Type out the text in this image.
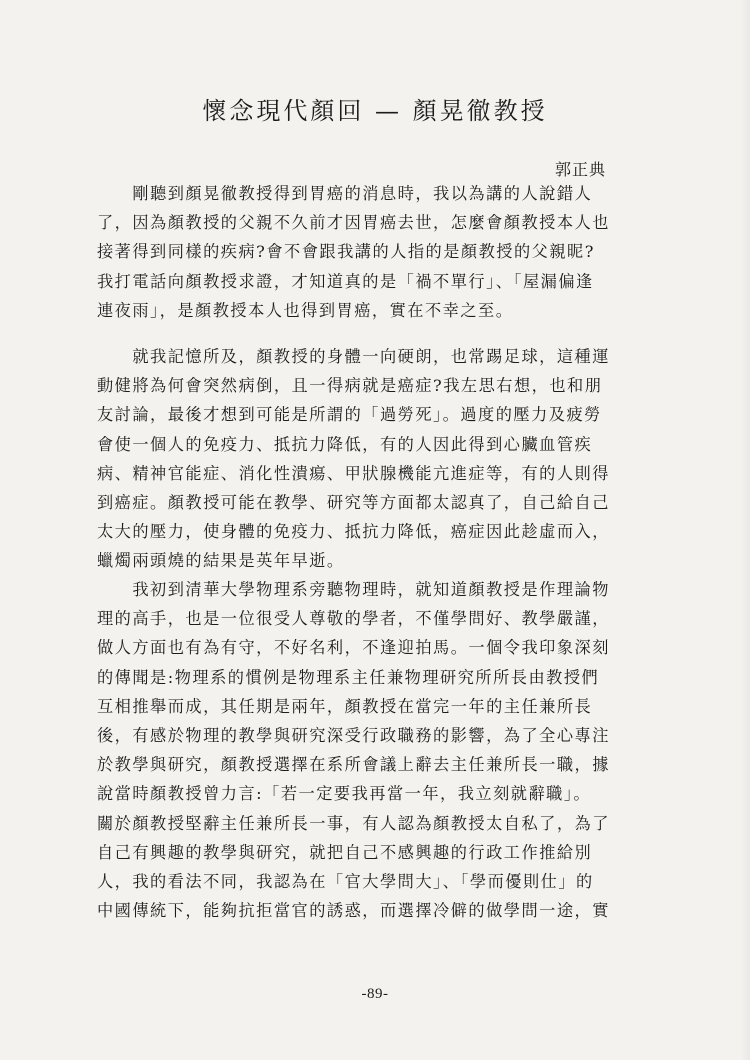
懷念現代顏回 — 顏晃徹教授
郭正典
　　剛聽到顏晃徹教授得到胃癌的消息時，我以為講的人說錯人
了，因為顏教授的父親不久前才因胃癌去世，怎麼會顏教授本人也
接著得到同樣的疾病?會不會跟我講的人指的是顏教授的父親昵?
我打電話向顏教授求證，才知道真的是「禍不單行」、「屋漏偏逢
連夜雨」，是顏教授本人也得到胃癌，實在不幸之至。
　　就我記憶所及，顏教授的身體一向硬朗，也常踢足球，這種運
動健將為何會突然病倒，且一得病就是癌症?我左思右想，也和朋
友討論，最後才想到可能是所謂的「過勞死」。過度的壓力及疲勞
會使一個人的免疫力、抵抗力降低，有的人因此得到心臟血管疾
病、精神官能症、消化性潰瘍、甲狀腺機能亢進症等，有的人則得
到癌症。顏教授可能在教學、研究等方面都太認真了，自己給自己
太大的壓力，使身體的免疫力、抵抗力降低，癌症因此趁虛而入，
蠟燭兩頭燒的結果是英年早逝。
　　我初到清華大學物理系旁聽物理時，就知道顏教授是作理論物
理的高手，也是一位很受人尊敬的學者，不僅學問好、教學嚴謹，
做人方面也有為有守，不好名利，不逢迎拍馬。一個令我印象深刻
的傳聞是:物理系的慣例是物理系主任兼物理研究所所長由教授們
互相推舉而成，其任期是兩年，顏教授在當完一年的主任兼所長
後，有感於物理的教學與研究深受行政職務的影響，為了全心專注
於教學與研究，顏教授選擇在系所會議上辭去主任兼所長一職，據
說當時顏教授曾力言:「若一定要我再當一年，我立刻就辭職」。
關於顏教授堅辭主任兼所長一事，有人認為顏教授太自私了，為了
自己有興趣的教學與研究，就把自己不感興趣的行政工作推給別
人，我的看法不同，我認為在「官大學問大」、「學而優則仕」的
中國傳統下，能夠抗拒當官的誘惑，而選擇冷僻的做學問一途，實
-89-
